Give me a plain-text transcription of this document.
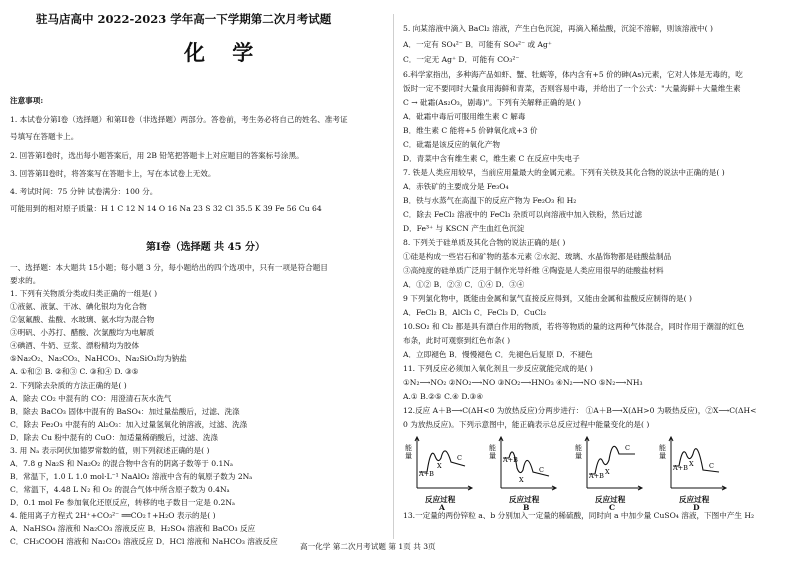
驻马店高中 2022-2023 学年高一下学期第二次月考试题
化 学
注意事项:
1. 本试卷分第I卷（选择题）和第II卷（非选择题）两部分。答卷前，考生务必将自己的姓名、准考证
号填写在答题卡上。
2. 回答第I卷时，选出每小题答案后，用 2B 铅笔把答题卡上对应题目的答案标号涂黑。
3. 回答第II卷时，将答案写在答题卡上，写在本试卷上无效。
4. 考试时间：75 分钟 试卷满分：100 分。
可能用到的相对原子质量：H 1 C 12 N 14 O 16 Na 23 S 32 Cl 35.5 K 39 Fe 56 Cu 64
第I卷（选择题 共 45 分）
一、选择题：本大题共 15小题；每小题 3 分，每小题给出的四个选项中，只有一项是符合题目
要求的。
1. 下列有关物质分类或归类正确的一组是( )
①液氨、液氯、干冰、碘化银均为化合物
②氢氟酸、盐酸、水玻璃、氨水均为混合物
③明矾、小苏打、醋酸、次氯酸均为电解质
④碘酒、牛奶、豆浆、漂粉精均为胶体
⑤Na₂O₂、Na₂CO₃、NaHCO₃、Na₂SiO₃均为钠盐
A. ①和② B. ②和③ C. ③和④ D. ③⑤
2. 下列除去杂质的方法正确的是( )
A．除去 CO₂ 中混有的 CO：用澄清石灰水洗气
B．除去 BaCO₃ 固体中混有的 BaSO₄：加过量盐酸后，过滤、洗涤
C．除去 Fe₂O₃ 中混有的 Al₂O₃：加入过量氢氧化钠溶液，过滤、洗涤
D．除去 Cu 粉中混有的 CuO：加适量稀硝酸后，过滤、洗涤
3. 用 Nₐ 表示阿伏加德罗常数的值，则下列叙述正确的是( )
A．7.8 g Na₂S 和 Na₂O₂ 的混合物中含有的阴离子数等于 0.1Nₐ
B．常温下，1.0 L 1.0 mol·L⁻¹ NaAlO₂ 溶液中含有的氧原子数为 2Nₐ
C．常温下，4.48 L N₂ 和 O₂ 的混合气体中所含原子数为 0.4Nₐ
D．0.1 mol Fe 参加氧化还原反应，转移的电子数目一定是 0.2Nₐ
4. 能用离子方程式 2H⁺+CO₃²⁻ ══CO₂↑+H₂O 表示的是( )
A．NaHSO₄ 溶液和 Na₂CO₃ 溶液反应 B．H₂SO₄ 溶液和 BaCO₃ 反应
C．CH₃COOH 溶液和 Na₂CO₃ 溶液反应 D．HCl 溶液和 NaHCO₃ 溶液反应
5. 向某溶液中滴入 BaCl₂ 溶液，产生白色沉淀，再滴入稀盐酸，沉淀不溶解，则该溶液中( )
A．一定有 SO₄²⁻ B．可能有 SO₄²⁻ 或 Ag⁺
C．一定无 Ag⁺ D．可能有 CO₃²⁻
6.科学家指出，多种海产品如虾、蟹、牡蛎等，体内含有+5 价的砷(As)元素，它对人体是无毒的，吃
饭时一定不要同时大量食用海鲜和青菜，否则容易中毒，并给出了一个公式："大量海鲜＋大量维生素
C → 砒霜(As₂O₃，剧毒)"。下列有关解释正确的是( )
A．砒霜中毒后可服用维生素 C 解毒
B．维生素 C 能将+5 价砷氧化成+3 价
C．砒霜是该反应的氧化产物
D．青菜中含有维生素 C，维生素 C 在反应中失电子
7. 铁是人类应用较早，当前应用量最大的金属元素。下列有关铁及其化合物的说法中正确的是( )
A．赤铁矿的主要成分是 Fe₃O₄
B．铁与水蒸气在高温下的反应产物为 Fe₂O₃ 和 H₂
C．除去 FeCl₂ 溶液中的 FeCl₃ 杂质可以向溶液中加入铁粉，然后过滤
D．Fe³⁺ 与 KSCN 产生血红色沉淀
8. 下列关于硅单质及其化合物的说法正确的是( )
①硅是构成一些岩石和矿物的基本元素 ②水泥、玻璃、水晶饰物都是硅酸盐制品
③高纯度的硅单质广泛用于制作光导纤维 ④陶瓷是人类应用很早的硅酸盐材料
A．①② B．②③ C．①④ D．③④
9 下列氯化物中，既能由金属和氯气直接反应得到，又能由金属和盐酸反应制得的是( )
A．FeCl₂ B．AlCl₃ C．FeCl₃ D．CuCl₂
10.SO₂ 和 Cl₂ 都是具有漂白作用的物质，若将等物质的量的这两种气体混合，同时作用于潮湿的红色
布条，此时可观察到红色布条( )
A．立即褪色 B．慢慢褪色 C．先褪色后复原 D．不褪色
11. 下列反应必须加入氧化剂且一步反应就能完成的是( )
①N₂⟶NO₂ ②NO₂⟶NO ③NO₂⟶HNO₃ ④N₂⟶NO ⑤N₂⟶NH₃
A.① B.②⑤ C.④ D.③④
12.反应 A＋B⟶C(ΔH<0 为放热反应)分两步进行： ①A＋B⟶X(ΔH>0 为吸热反应)，②X⟶C(ΔH<
0 为放热反应)。下列示意图中，能正确表示总反应过程中能量变化的是( )
能
量
A+B
X
C
反应过程
A
能
量 A+B
X
C
反应过程
B
能
量
A+B X
C
反应过程
C
能
量
A+B X C
反应过程
D
13.一定量的两份锌粒 a、b 分别加入一定量的稀硫酸，同时向 a 中加少量 CuSO₄ 溶液，下图中产生 H₂
高一化学 第二次月考试题 第 1页 共 3页
